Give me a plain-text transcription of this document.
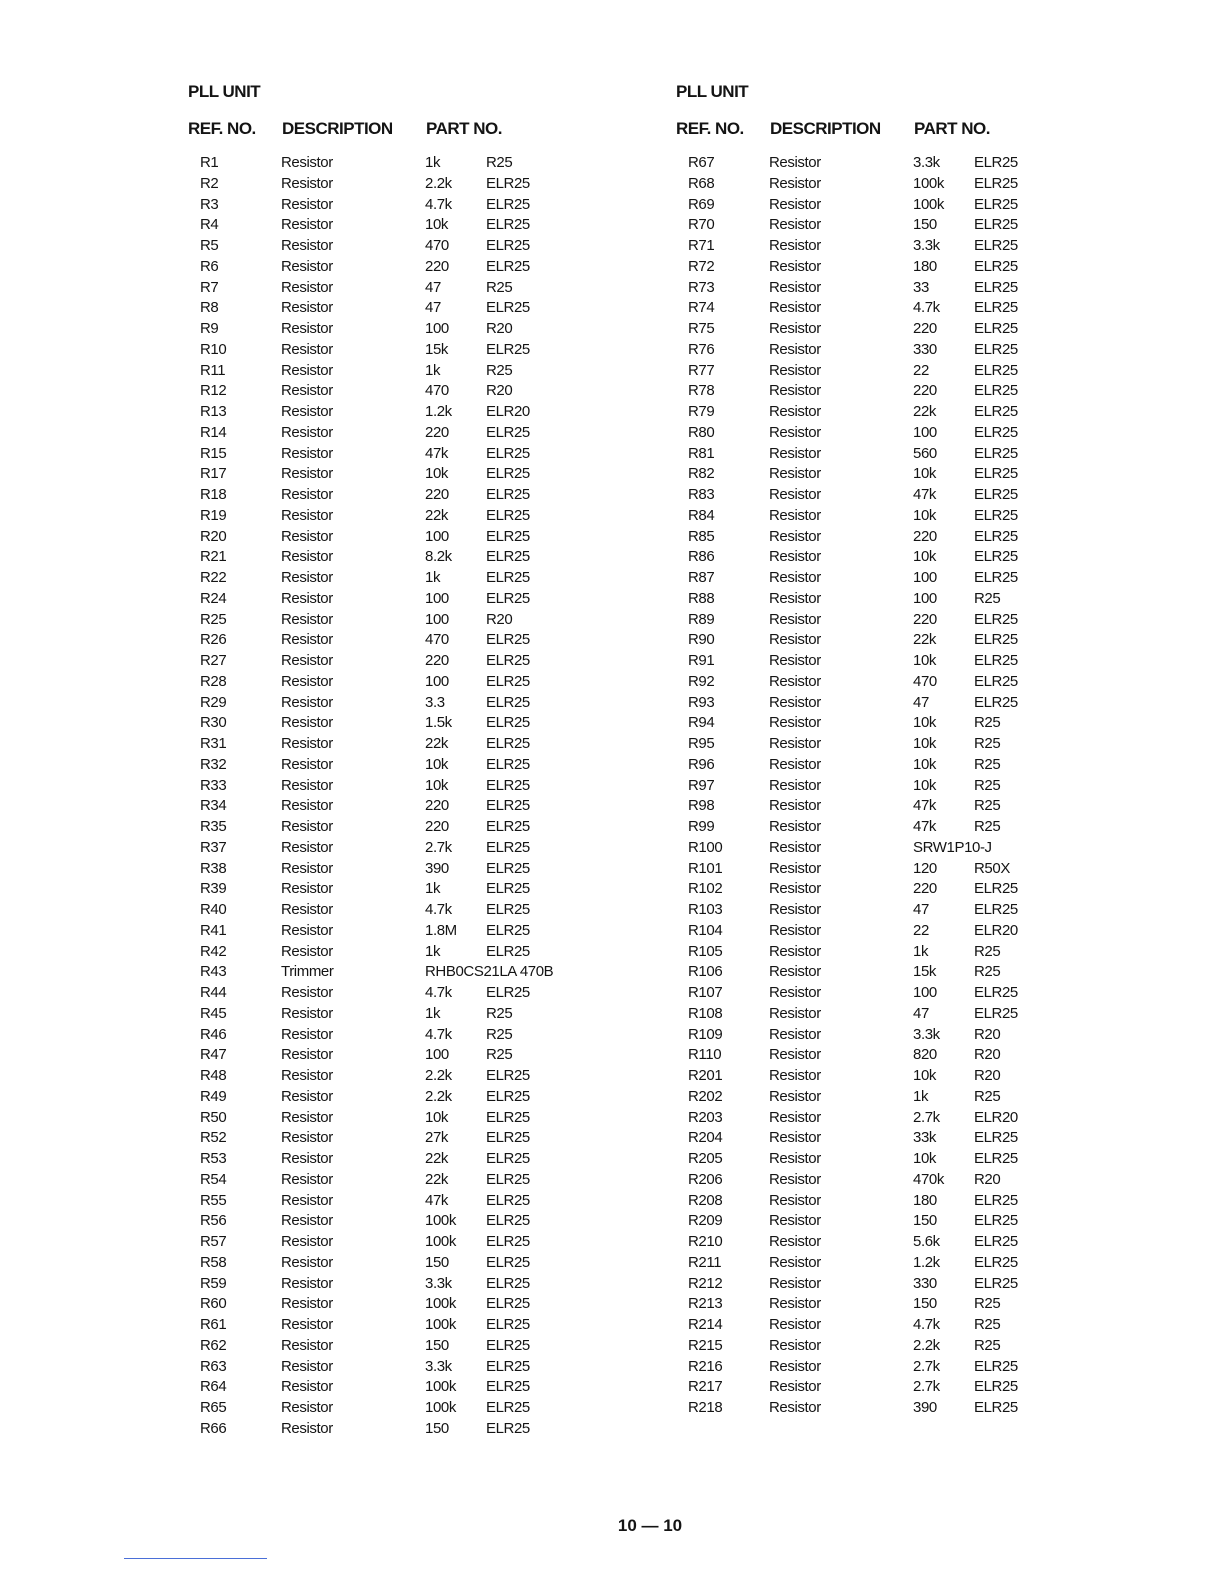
PLL UNIT
REF. NO. DESCRIPTION PART NO.
R1	Resistor	1k	R25
R2	Resistor	2.2k ELR25
R3	Resistor	4.7k ELR25
R4	Resistor	10k	ELR25
R5	Resistor	470 ELR25
R6	Resistor	220 ELR25
R7	Resistor	47	R25
R8	Resistor	47	ELR25
R9	Resistor	100 R20
R10	Resistor	15k	ELR25
R11	Resistor	1k	R25
R12	Resistor	470 R20
R13	Resistor	1.2k ELR20
R14	Resistor	220 ELR25
R15	Resistor	47k	ELR25
R17	Resistor	10k	ELR25
R18	Resistor	220 ELR25
R19	Resistor	22k	ELR25
R20	Resistor	100 ELR25
R21	Resistor	8.2k ELR25
R22	Resistor	1k	ELR25
R24	Resistor	100 ELR25
R25	Resistor	100 R20
R26	Resistor	470 ELR25
R27	Resistor	220 ELR25
R28	Resistor	100 ELR25
R29	Resistor	3.3	ELR25
R30	Resistor	1.5k ELR25
R31	Resistor	22k	ELR25
R32	Resistor	10k	ELR25
R33	Resistor	10k	ELR25
R34	Resistor	220 ELR25
R35	Resistor	220 ELR25
R37	Resistor	2.7k ELR25
R38	Resistor	390 ELR25
R39	Resistor	1k	ELR25
R40	Resistor	4.7k ELR25
R41	Resistor	1.8M ELR25
R42	Resistor	1k	ELR25
R43	Trimmer	RHB0CS21LA 470B
R44	Resistor	4.7k ELR25
R45	Resistor	1k	R25
R46	Resistor	4.7k R25
R47	Resistor	100 R25
R48	Resistor	2.2k ELR25
R49	Resistor	2.2k ELR25
R50	Resistor	10k	ELR25
R52	Resistor	27k	ELR25
R53	Resistor	22k	ELR25
R54	Resistor	22k	ELR25
R55	Resistor	47k	ELR25
R56	Resistor	100k ELR25
R57	Resistor	100k ELR25
R58	Resistor	150 ELR25
R59	Resistor	3.3k ELR25
R60	Resistor	100k ELR25
R61	Resistor	100k ELR25
R62	Resistor	150 ELR25
R63	Resistor	3.3k ELR25
R64	Resistor	100k ELR25
R65	Resistor	100k ELR25
R66	Resistor	150 ELR25
PLL UNIT
REF. NO. DESCRIPTION PART NO.
R67	Resistor	3.3k ELR25
R68	Resistor	100k ELR25
R69	Resistor	100k ELR25
R70	Resistor	150 ELR25
R71	Resistor	3.3k ELR25
R72	Resistor	180 ELR25
R73	Resistor	33	ELR25
R74	Resistor	4.7k ELR25
R75	Resistor	220 ELR25
R76	Resistor	330 ELR25
R77	Resistor	22	ELR25
R78	Resistor	220 ELR25
R79	Resistor	22k	ELR25
R80	Resistor	100 ELR25
R81	Resistor	560 ELR25
R82	Resistor	10k	ELR25
R83	Resistor	47k	ELR25
R84	Resistor	10k	ELR25
R85	Resistor	220 ELR25
R86	Resistor	10k	ELR25
R87	Resistor	100 ELR25
R88	Resistor	100 R25
R89	Resistor	220 ELR25
R90	Resistor	22k	ELR25
R91	Resistor	10k	ELR25
R92	Resistor	470 ELR25
R93	Resistor	47	ELR25
R94	Resistor	10k	R25
R95	Resistor	10k	R25
R96	Resistor	10k	R25
R97	Resistor	10k	R25
R98	Resistor	47k	R25
R99	Resistor	47k	R25
R100	Resistor	SRW1P10-J
R101	Resistor	120 R50X
R102	Resistor	220 ELR25
R103	Resistor	47	ELR25
R104	Resistor	22	ELR20
R105	Resistor	1k	R25
R106	Resistor	15k	R25
R107	Resistor	100 ELR25
R108	Resistor	47	ELR25
R109	Resistor	3.3k R20
R110	Resistor	820 R20
R201	Resistor	10k	R20
R202	Resistor	1k	R25
R203	Resistor	2.7k ELR20
R204	Resistor	33k	ELR25
R205	Resistor	10k	ELR25
R206	Resistor	470k R20
R208	Resistor	180 ELR25
R209	Resistor	150 ELR25
R210	Resistor	5.6k ELR25
R211	Resistor	1.2k ELR25
R212	Resistor	330 ELR25
R213	Resistor	150 R25
R214	Resistor	4.7k R25
R215	Resistor	2.2k R25
R216	Resistor	2.7k ELR25
R217	Resistor	2.7k ELR25
R218	Resistor	390 ELR25
10 — 10
